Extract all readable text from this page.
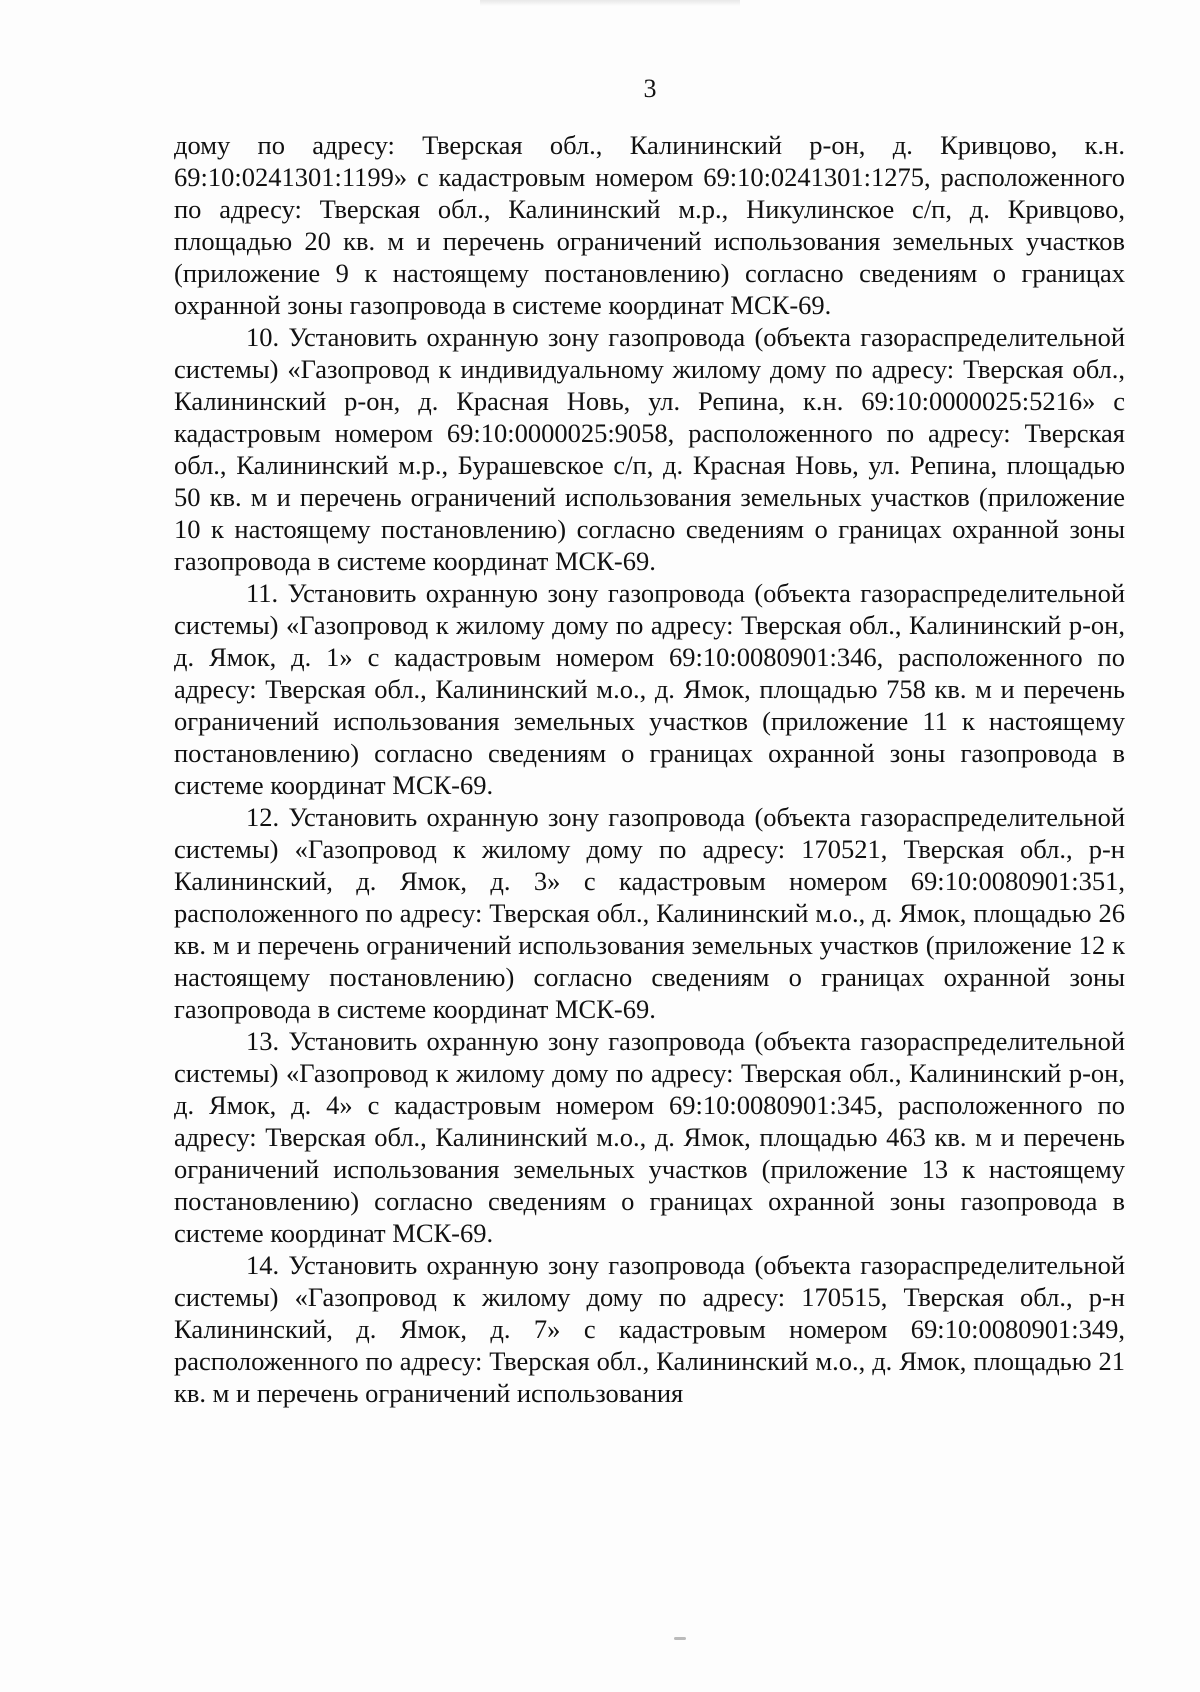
3

дому по адресу: Тверская обл., Калининский р-он, д. Кривцово, к.н. 69:10:0241301:1199» с кадастровым номером 69:10:0241301:1275, расположенного по адресу: Тверская обл., Калининский м.р., Никулинское с/п, д. Кривцово, площадью 20 кв. м и перечень ограничений использования земельных участков (приложение 9 к настоящему постановлению) согласно сведениям о границах охранной зоны газопровода в системе координат МСК-69.

10. Установить охранную зону газопровода (объекта газораспределительной системы) «Газопровод к индивидуальному жилому дому по адресу: Тверская обл., Калининский р-он, д. Красная Новь, ул. Репина, к.н. 69:10:0000025:5216» с кадастровым номером 69:10:0000025:9058, расположенного по адресу: Тверская обл., Калининский м.р., Бурашевское с/п, д. Красная Новь, ул. Репина, площадью 50 кв. м и перечень ограничений использования земельных участков (приложение 10 к настоящему постановлению) согласно сведениям о границах охранной зоны газопровода в системе координат МСК-69.

11. Установить охранную зону газопровода (объекта газораспределительной системы) «Газопровод к жилому дому по адресу: Тверская обл., Калининский р-он, д. Ямок, д. 1» с кадастровым номером 69:10:0080901:346, расположенного по адресу: Тверская обл., Калининский м.о., д. Ямок, площадью 758 кв. м и перечень ограничений использования земельных участков (приложение 11 к настоящему постановлению) согласно сведениям о границах охранной зоны газопровода в системе координат МСК-69.

12. Установить охранную зону газопровода (объекта газораспределительной системы) «Газопровод к жилому дому по адресу: 170521, Тверская обл., р-н Калининский, д. Ямок, д. 3» с кадастровым номером 69:10:0080901:351, расположенного по адресу: Тверская обл., Калининский м.о., д. Ямок, площадью 26 кв. м и перечень ограничений использования земельных участков (приложение 12 к настоящему постановлению) согласно сведениям о границах охранной зоны газопровода в системе координат МСК-69.

13. Установить охранную зону газопровода (объекта газораспределительной системы) «Газопровод к жилому дому по адресу: Тверская обл., Калининский р-он, д. Ямок, д. 4» с кадастровым номером 69:10:0080901:345, расположенного по адресу: Тверская обл., Калининский м.о., д. Ямок, площадью 463 кв. м и перечень ограничений использования земельных участков (приложение 13 к настоящему постановлению) согласно сведениям о границах охранной зоны газопровода в системе координат МСК-69.

14. Установить охранную зону газопровода (объекта газораспределительной системы) «Газопровод к жилому дому по адресу: 170515, Тверская обл., р-н Калининский, д. Ямок, д. 7» с кадастровым номером 69:10:0080901:349, расположенного по адресу: Тверская обл., Калининский м.о., д. Ямок, площадью 21 кв. м и перечень ограничений использования
